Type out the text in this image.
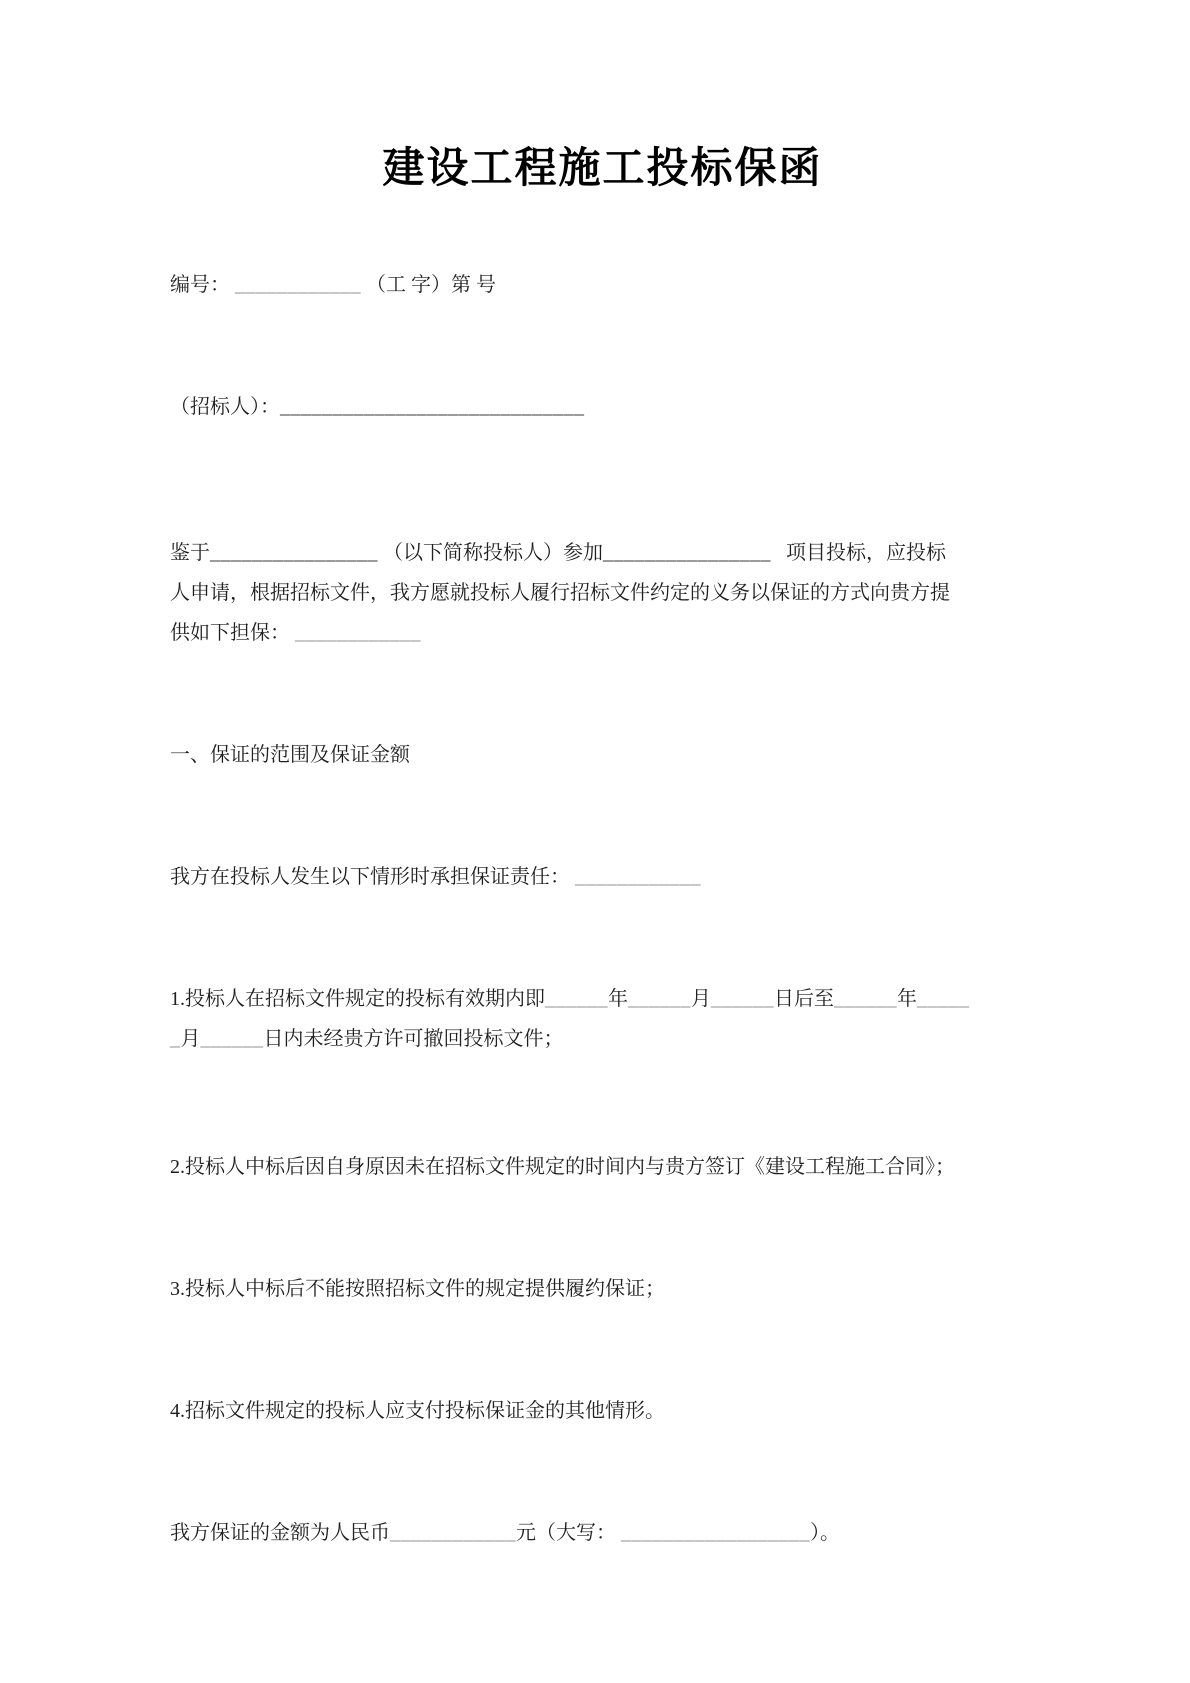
建设工程施工投标保函

编号： ____________ （工 字）第 号

（招标人）：_____________________________

鉴于________________ （以下简称投标人）参加________________ 项目投标，应投标
人申请，根据招标文件，我方愿就投标人履行招标文件约定的义务以保证的方式向贵方提
供如下担保： ____________

一、保证的范围及保证金额

我方在投标人发生以下情形时承担保证责任： ____________

1.投标人在招标文件规定的投标有效期内即______年______月______日后至______年_____
_月______日内未经贵方许可撤回投标文件；

2.投标人中标后因自身原因未在招标文件规定的时间内与贵方签订《建设工程施工合同》；

3.投标人中标后不能按照招标文件的规定提供履约保证；

4.招标文件规定的投标人应支付投标保证金的其他情形。

我方保证的金额为人民币____________元（大写： __________________）。
